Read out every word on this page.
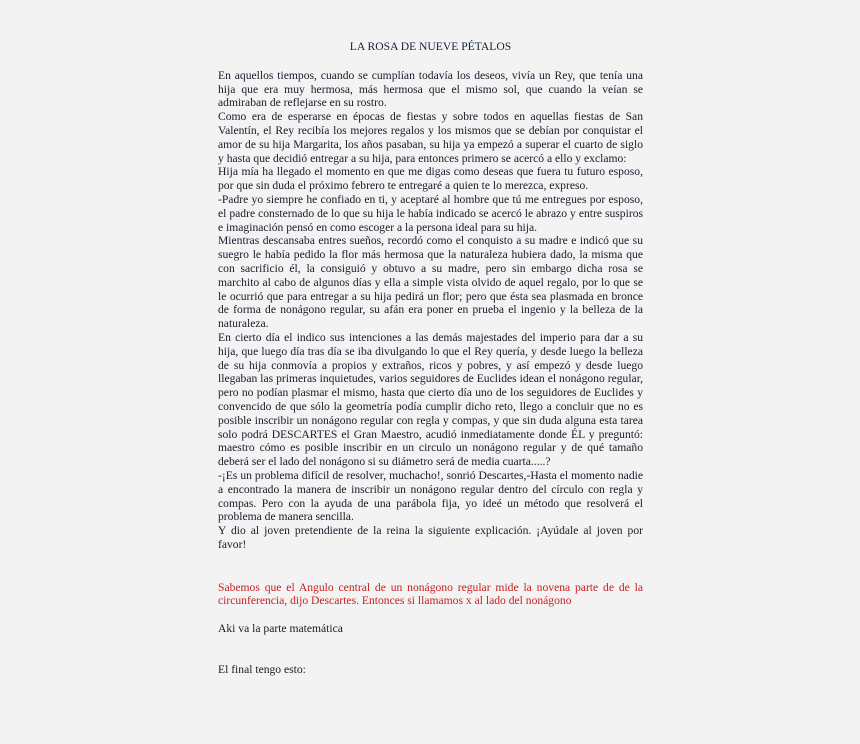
LA ROSA DE NUEVE PÉTALOS

En aquellos tiempos, cuando se cumplían todavía los deseos, vivía un Rey, que tenía una hija que era muy hermosa, más hermosa que el mismo sol, que cuando la veían se admiraban de reflejarse en su rostro.

Como era de esperarse en épocas de fiestas y sobre todos en aquellas fiestas de San Valentín, el Rey recibía los mejores regalos y los mismos que se debían por conquistar el amor de su hija Margarita, los años pasaban, su hija ya empezó a superar el cuarto de siglo y hasta que decidió entregar a su hija, para entonces primero se acercó a ello y exclamo:

Hija mía ha llegado el momento en que me digas como deseas que fuera tu futuro esposo, por que sin duda el próximo febrero te entregaré a quien te lo merezca, expreso.

-Padre yo siempre he confiado en ti, y aceptaré al hombre que tú me entregues por esposo, el padre consternado de lo que su hija le había indicado se acercó le abrazo y entre suspiros e imaginación pensó en como escoger a la persona ideal para su hija.

Mientras descansaba entres sueños, recordó como el conquisto a su madre e indicó que su suegro le había pedido la flor más hermosa que la naturaleza hubiera dado, la misma que con sacrificio él, la consiguió y obtuvo a su madre, pero sin embargo dicha rosa se marchito al cabo de algunos días y ella a simple vista olvido de aquel regalo, por lo que se le ocurrió que para entregar a su hija pedirá un flor; pero que ésta sea plasmada en bronce de forma de nonágono regular, su afán era poner en prueba el ingenio y la belleza de la naturaleza.

En cierto día el indico sus intenciones a las demás majestades del imperio para dar a su hija, que luego día tras día se iba divulgando lo que el Rey quería, y desde luego la belleza de su hija conmovía a propios y extraños, ricos y pobres, y así empezó y desde luego llegaban las primeras inquietudes, varios seguidores de Euclides idean el nonágono regular, pero no podían plasmar el mismo, hasta que cierto día uno de los seguidores de Euclides y convencido de que sólo la geometría podía cumplir dicho reto, llego a concluir que no es posible inscribir un nonágono regular con regla y compas, y que sin duda alguna esta tarea solo podrá DESCARTES el Gran Maestro, acudió inmediatamente donde ÉL y preguntó: maestro cómo es posible inscribir en un circulo un nonágono regular y de qué tamaño deberá ser el lado del nonágono si su diámetro será de media cuarta.....?

-¡Es un problema difícil de resolver, muchacho!, sonrió Descartes,-Hasta el momento nadie a encontrado la manera de inscribir un nonágono regular dentro del círculo con regla y compas. Pero con la ayuda de una parábola fija, yo ideé un método que resolverá el problema de manera sencilla.

Y dio al joven pretendiente de la reina la siguiente explicación. ¡Ayúdale al joven por favor!

Sabemos que el Angulo central de un nonágono regular mide la novena parte de de la circunferencia, dijo Descartes. Entonces si llamamos x al lado del nonágono

Aki va la parte matemática

El final tengo esto:
